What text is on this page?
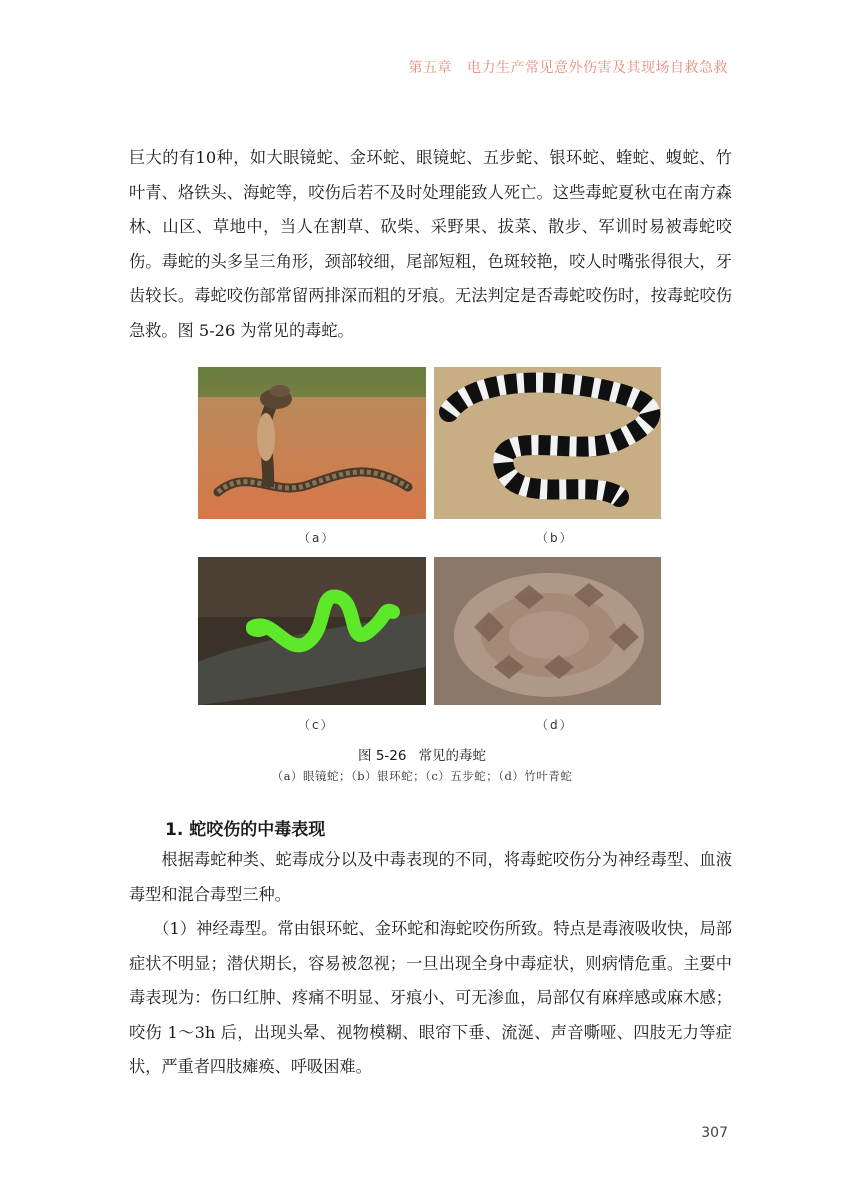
第五章 电力生产常见意外伤害及其现场自救急救

巨大的有10种，如大眼镜蛇、金环蛇、眼镜蛇、五步蛇、银环蛇、蝰蛇、蝮蛇、竹叶青、烙铁头、海蛇等，咬伤后若不及时处理能致人死亡。这些毒蛇夏秋屯在南方森林、山区、草地中，当人在割草、砍柴、采野果、拔菜、散步、军训时易被毒蛇咬伤。毒蛇的头多呈三角形，颈部较细，尾部短粗，色斑较艳，咬人时嘴张得很大，牙齿较长。毒蛇咬伤部常留两排深而粗的牙痕。无法判定是否毒蛇咬伤时，按毒蛇咬伤急救。图 5-26 为常见的毒蛇。

（a）	（b）
（c）	（d）
图 5-26 常见的毒蛇
（a）眼镜蛇；（b）银环蛇；（c）五步蛇；（d）竹叶青蛇
1. 蛇咬伤的中毒表现

根据毒蛇种类、蛇毒成分以及中毒表现的不同，将毒蛇咬伤分为神经毒型、血液毒型和混合毒型三种。

（1）神经毒型。常由银环蛇、金环蛇和海蛇咬伤所致。特点是毒液吸收快，局部症状不明显；潜伏期长，容易被忽视；一旦出现全身中毒症状，则病情危重。主要中毒表现为：伤口红肿、疼痛不明显、牙痕小、可无渗血，局部仅有麻痒感或麻木感；咬伤 1～3h 后，出现头晕、视物模糊、眼帘下垂、流涎、声音嘶哑、四肢无力等症状，严重者四肢瘫痪、呼吸困难。

307
